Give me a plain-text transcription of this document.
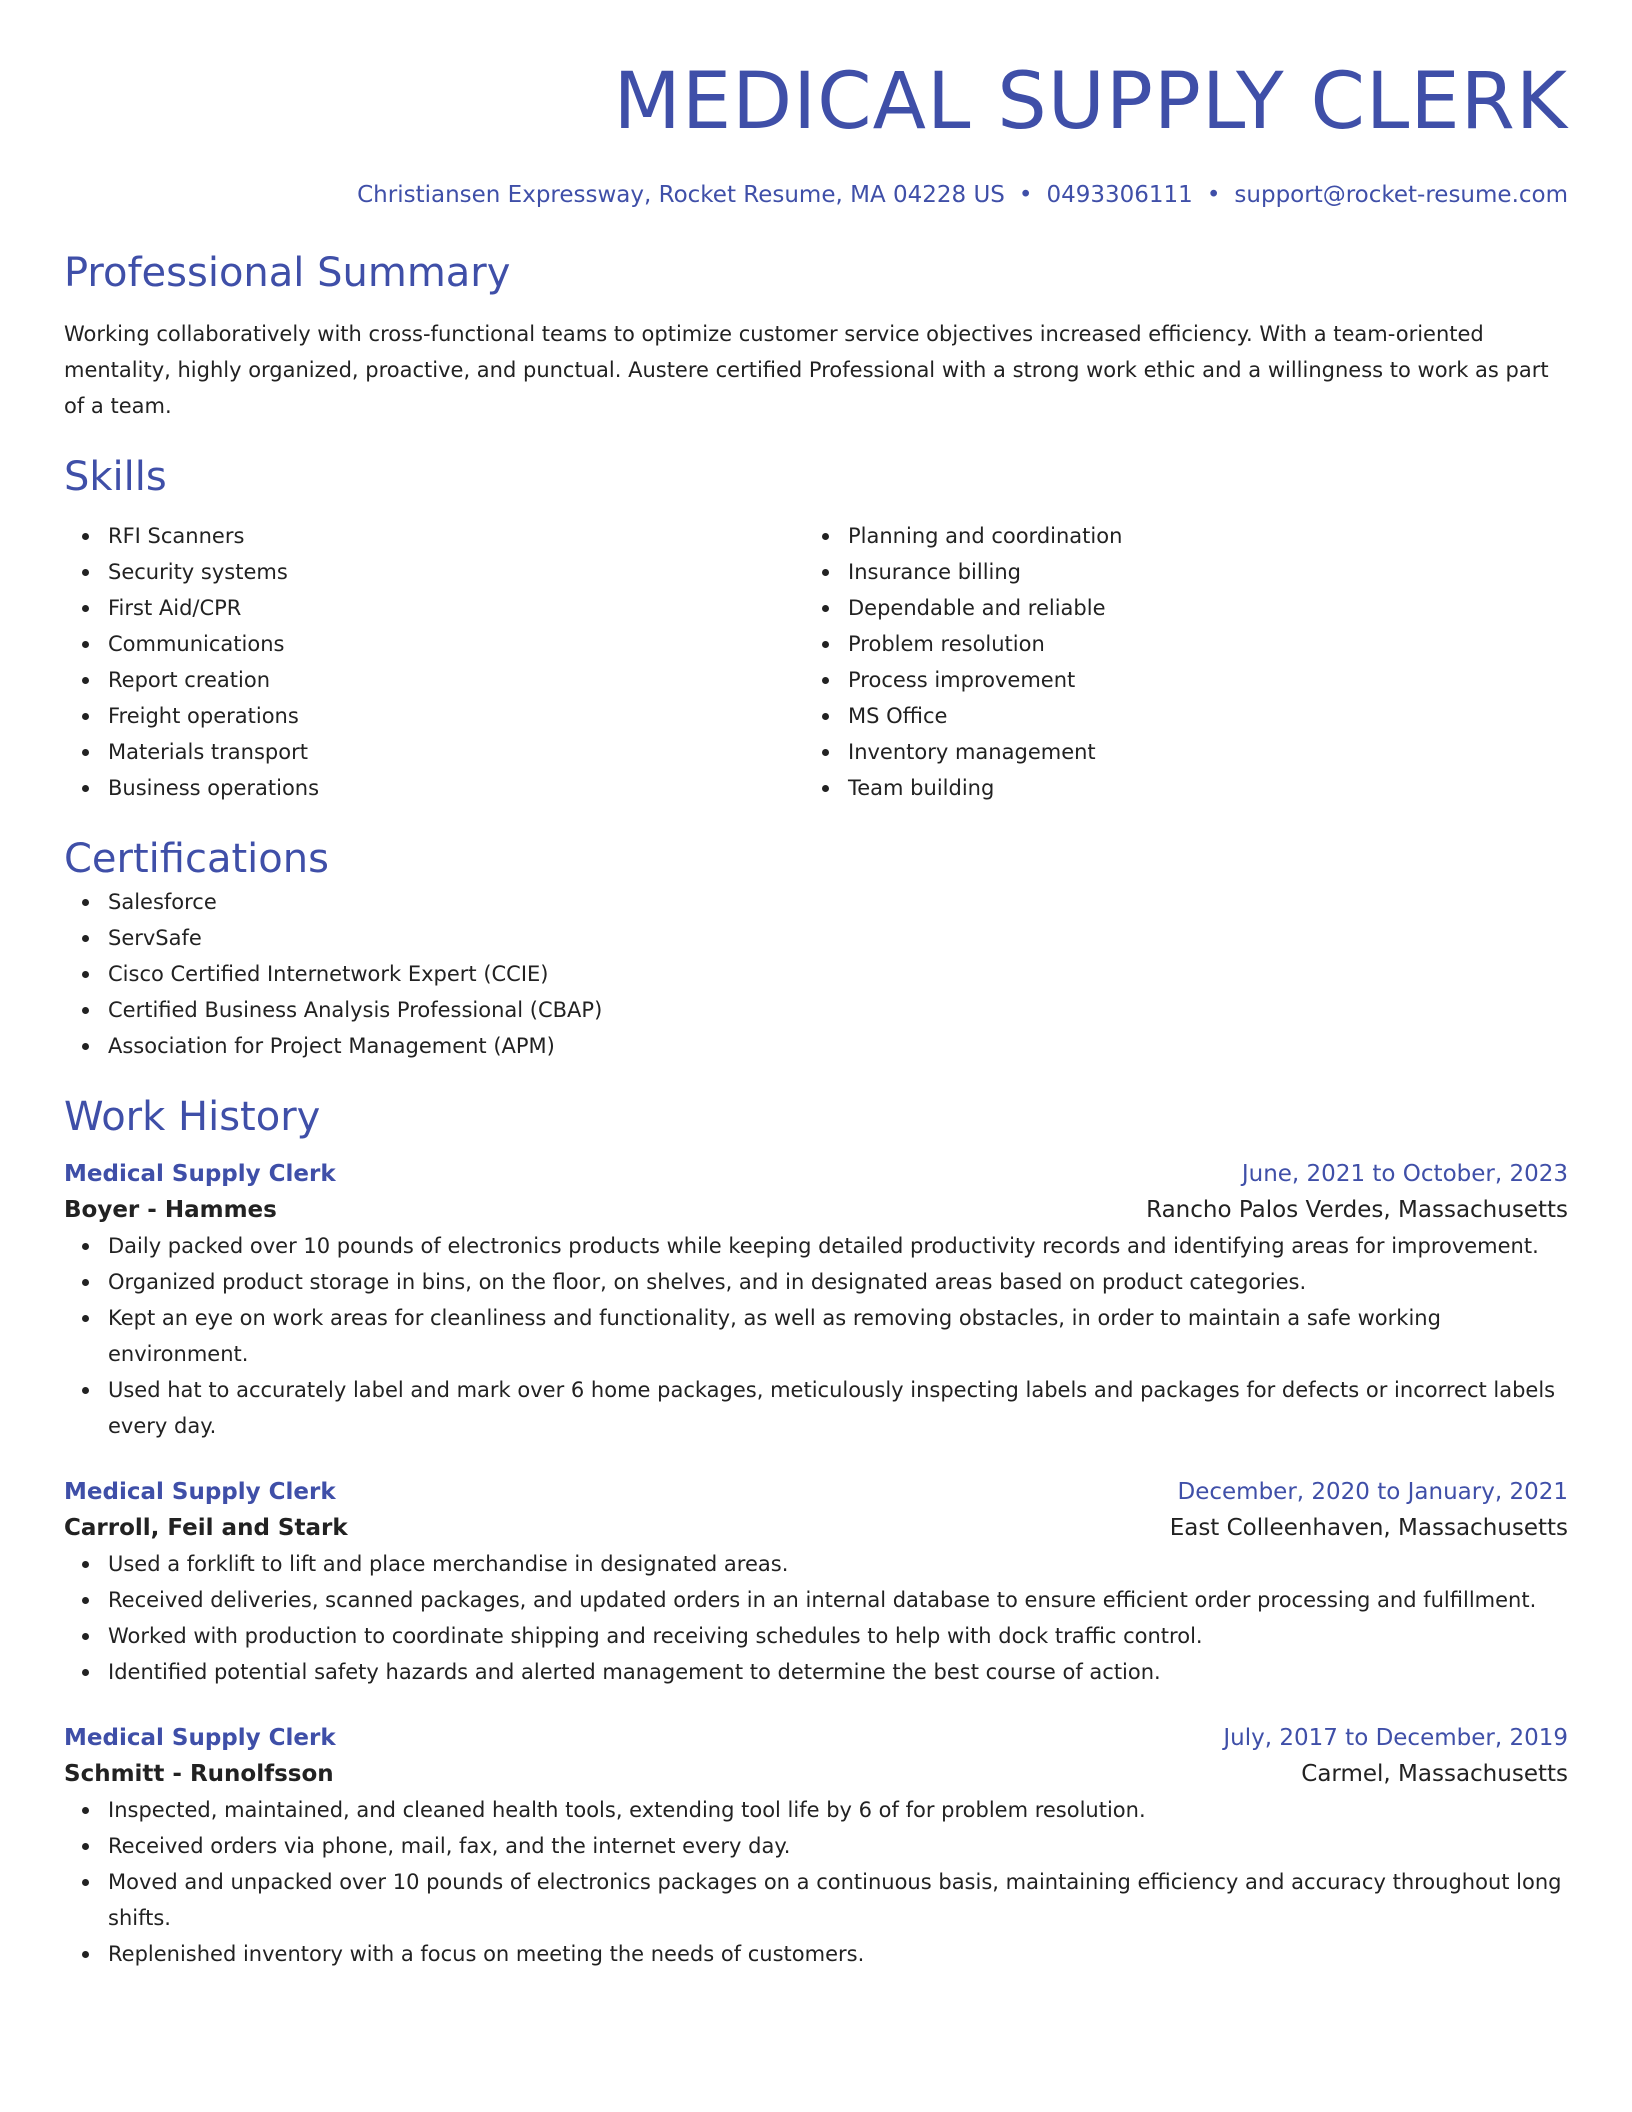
MEDICAL SUPPLY CLERK
Christiansen Expressway, Rocket Resume, MA 04228 US • 0493306111 • support@rocket-resume.com
Professional Summary
Working collaboratively with cross-functional teams to optimize customer service objectives increased efficiency. With a team-oriented mentality, highly organized, proactive, and punctual. Austere certified Professional with a strong work ethic and a willingness to work as part of a team.
Skills
RFI Scanners
Security systems
First Aid/CPR
Communications
Report creation
Freight operations
Materials transport
Business operations
Planning and coordination
Insurance billing
Dependable and reliable
Problem resolution
Process improvement
MS Office
Inventory management
Team building
Certifications
Salesforce
ServSafe
Cisco Certified Internetwork Expert (CCIE)
Certified Business Analysis Professional (CBAP)
Association for Project Management (APM)
Work History
Medical Supply Clerk	June, 2021 to October, 2023
Boyer - Hammes	Rancho Palos Verdes, Massachusetts
Daily packed over 10 pounds of electronics products while keeping detailed productivity records and identifying areas for improvement.
Organized product storage in bins, on the floor, on shelves, and in designated areas based on product categories.
Kept an eye on work areas for cleanliness and functionality, as well as removing obstacles, in order to maintain a safe working environment.
Used hat to accurately label and mark over 6 home packages, meticulously inspecting labels and packages for defects or incorrect labels every day.
Medical Supply Clerk	December, 2020 to January, 2021
Carroll, Feil and Stark	East Colleenhaven, Massachusetts
Used a forklift to lift and place merchandise in designated areas.
Received deliveries, scanned packages, and updated orders in an internal database to ensure efficient order processing and fulfillment.
Worked with production to coordinate shipping and receiving schedules to help with dock traffic control.
Identified potential safety hazards and alerted management to determine the best course of action.
Medical Supply Clerk	July, 2017 to December, 2019
Schmitt - Runolfsson	Carmel, Massachusetts
Inspected, maintained, and cleaned health tools, extending tool life by 6 of for problem resolution.
Received orders via phone, mail, fax, and the internet every day.
Moved and unpacked over 10 pounds of electronics packages on a continuous basis, maintaining efficiency and accuracy throughout long shifts.
Replenished inventory with a focus on meeting the needs of customers.
